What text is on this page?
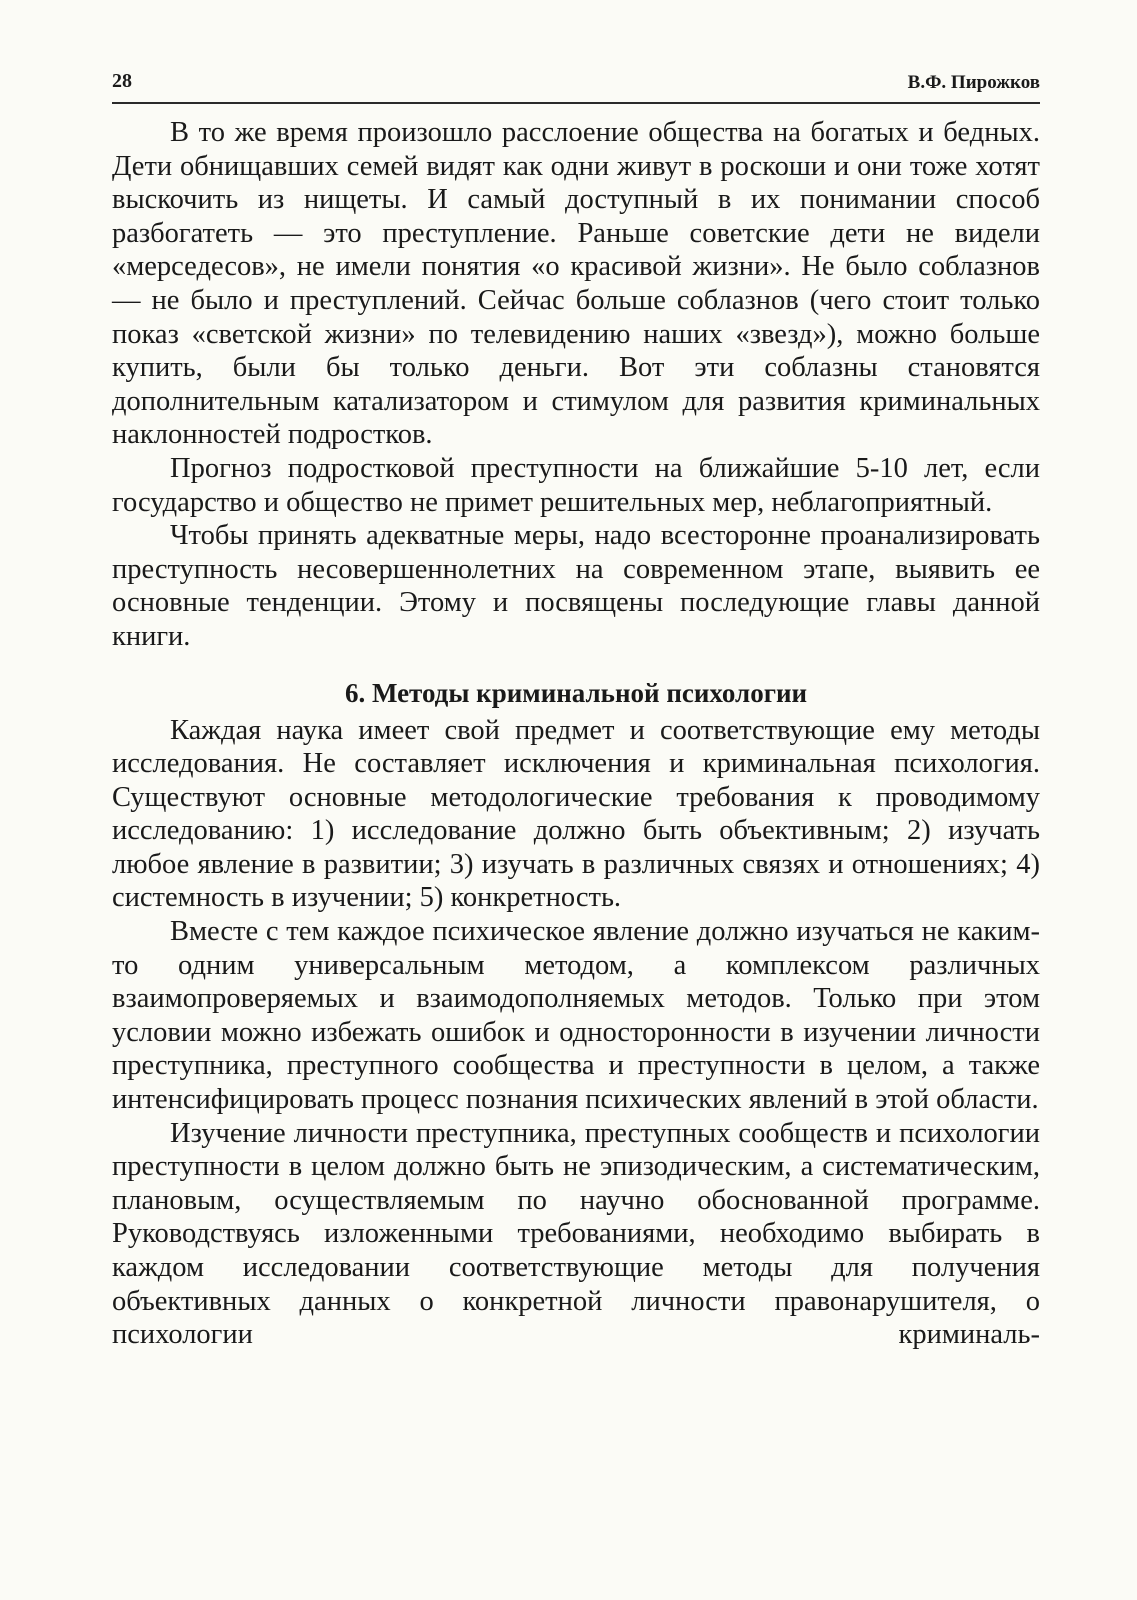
28	В.Ф. Пирожков

В то же время произошло расслоение общества на богатых и бедных. Дети обнищавших семей видят как одни живут в роскоши и они тоже хотят выскочить из нищеты. И самый доступный в их понимании способ разбогатеть — это преступление. Раньше советские дети не видели «мерседесов», не имели понятия «о красивой жизни». Не было соблазнов — не было и преступлений. Сейчас больше соблазнов (чего стоит только показ «светской жизни» по телевидению наших «звезд»), можно больше купить, были бы только деньги. Вот эти соблазны становятся дополнительным катализатором и стимулом для развития криминальных наклонностей подростков.

Прогноз подростковой преступности на ближайшие 5-10 лет, если государство и общество не примет решительных мер, неблагоприятный.

Чтобы принять адекватные меры, надо всесторонне проанализировать преступность несовершеннолетних на современном этапе, выявить ее основные тенденции. Этому и посвящены последующие главы данной книги.

6. Методы криминальной психологии

Каждая наука имеет свой предмет и соответствующие ему методы исследования. Не составляет исключения и криминальная психология. Существуют основные методологические требования к проводимому исследованию: 1) исследование должно быть объективным; 2) изучать любое явление в развитии; 3) изучать в различных связях и отношениях; 4) системность в изучении; 5) конкретность.

Вместе с тем каждое психическое явление должно изучаться не каким-то одним универсальным методом, а комплексом различных взаимопроверяемых и взаимодополняемых методов. Только при этом условии можно избежать ошибок и односторонности в изучении личности преступника, преступного сообщества и преступности в целом, а также интенсифицировать процесс познания психических явлений в этой области.

Изучение личности преступника, преступных сообществ и психологии преступности в целом должно быть не эпизодическим, а систематическим, плановым, осуществляемым по научно обоснованной программе. Руководствуясь изложенными требованиями, необходимо выбирать в каждом исследовании соответствующие методы для получения объективных данных о конкретной личности правонарушителя, о психологии криминаль-
